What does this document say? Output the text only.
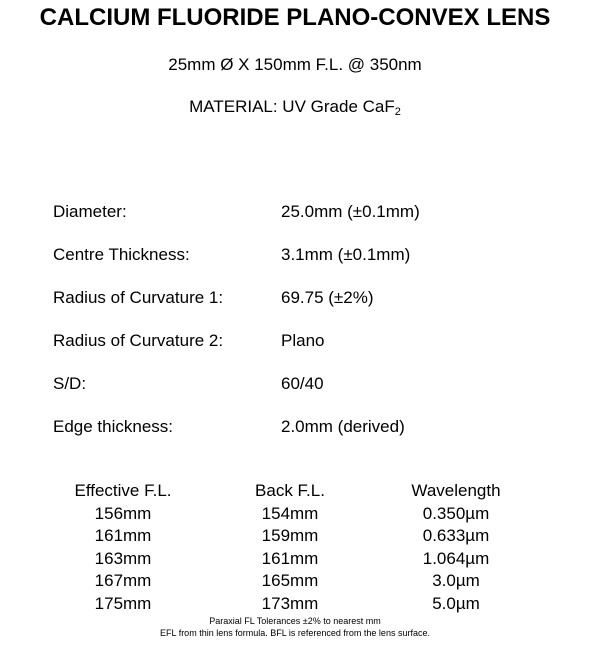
CALCIUM FLUORIDE PLANO-CONVEX LENS
25mm Ø X 150mm F.L. @ 350nm
MATERIAL: UV Grade CaF$_2$
Diameter:	25.0mm (±0.1mm)
Centre Thickness:	3.1mm (±0.1mm)
Radius of Curvature 1:	69.75 (±2%)
Radius of Curvature 2:	Plano
S/D:	60/40
Edge thickness:	2.0mm (derived)
Effective F.L.	Back F.L.	Wavelength
156mm	154mm	0.350µm
161mm	159mm	0.633µm
163mm	161mm	1.064µm
167mm	165mm	3.0µm
175mm	173mm	5.0µm
Paraxial FL Tolerances ±2% to nearest mm
EFL from thin lens formula. BFL is referenced from the lens surface.
